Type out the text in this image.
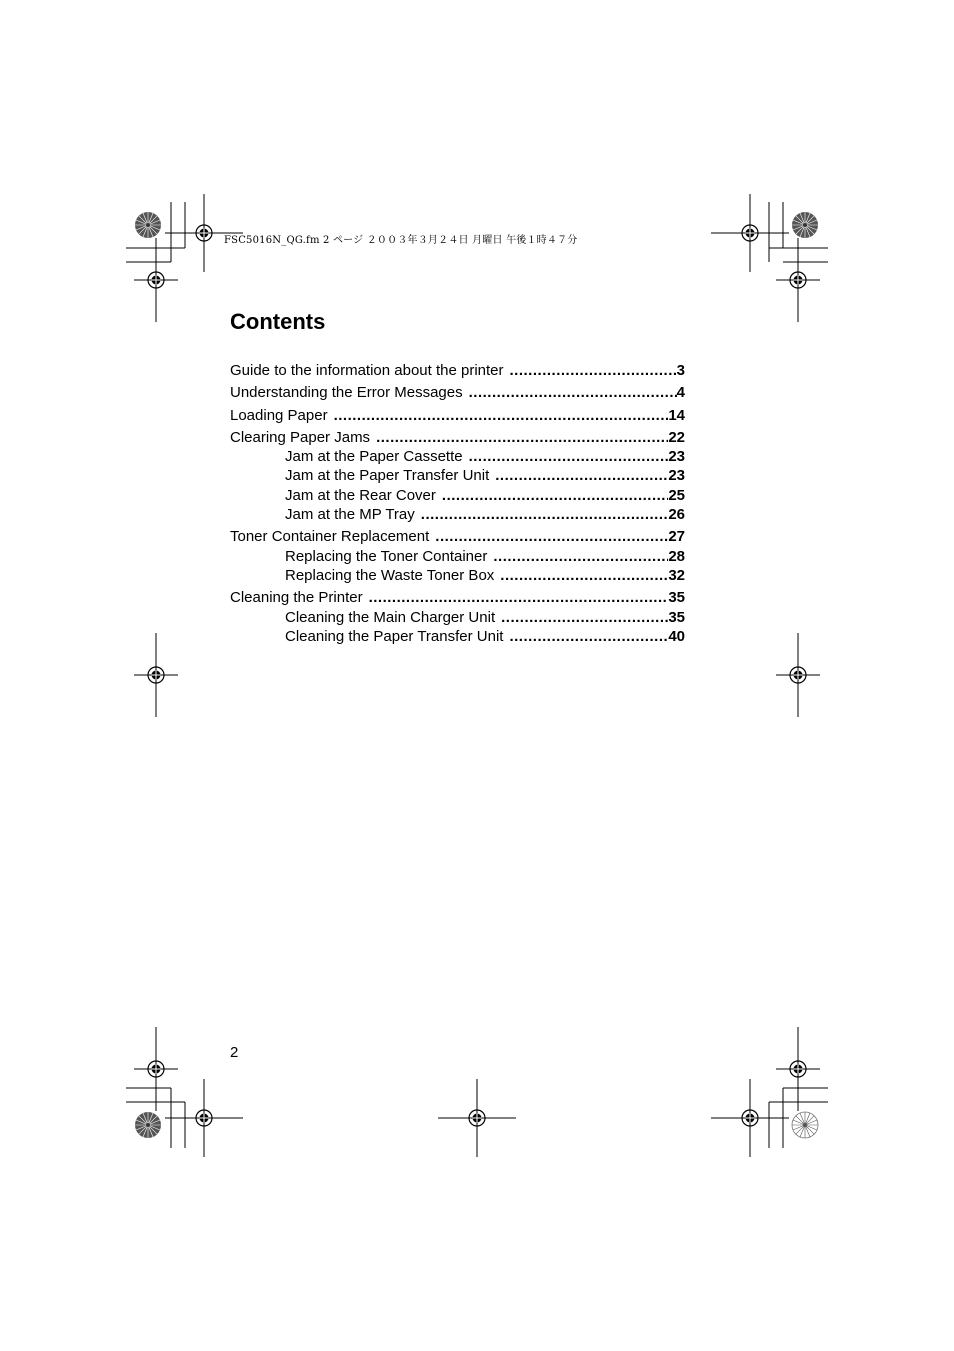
FSC5016N_QG.fm 2 ページ ２００３年３月２４日 月曜日 午後１時４７分
Contents
Guide to the information about the printer .....	3
Understanding the Error Messages .....	4
Loading Paper .....	14
Clearing Paper Jams .....	22
Jam at the Paper Cassette .....	23
Jam at the Paper Transfer Unit .....	23
Jam at the Rear Cover .....	25
Jam at the MP Tray .....	26
Toner Container Replacement .....	27
Replacing the Toner Container .....	28
Replacing the Waste Toner Box .....	32
Cleaning the Printer .....	35
Cleaning the Main Charger Unit .....	35
Cleaning the Paper Transfer Unit .....	40
2
